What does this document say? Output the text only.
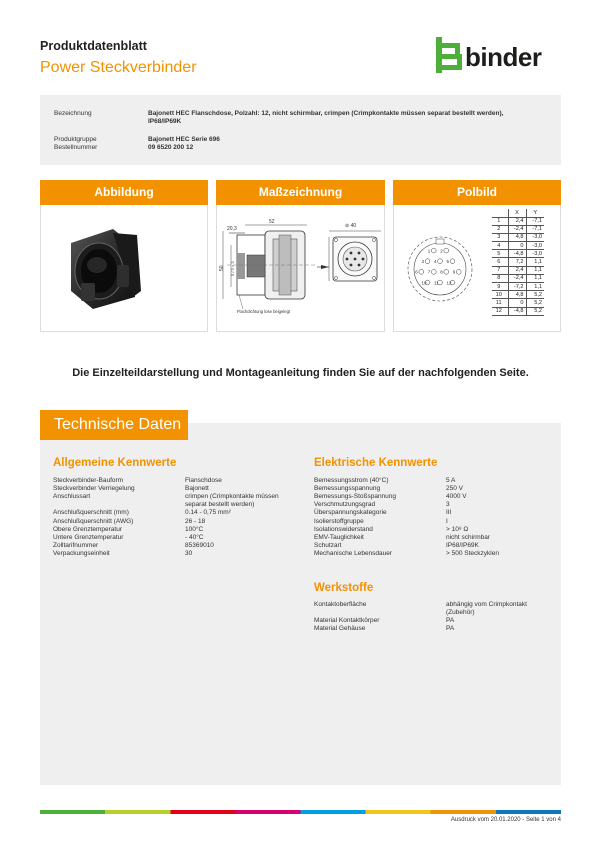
Produktdatenblatt
Power Steckverbinder	binder
Bezeichnung	Bajonett HEC Flanschdose, Polzahl: 12, nicht schirmbar, crimpen (Crimpkontakte müssen separat bestellt werden),
IP68/IP69K
Produktgruppe	Bajonett HEC Serie 696
Bestellnummer	09 6520 200 12
Abbildung	Maßzeichnung	Polbild
20,3
52
50 5 / 3 × 3
Flachdichtung lose beigelegt
⊘ 40
1 2
3 4 5
6 7 8 9
10 11 12
	X	Y
1	2,4	-7,1
2	-2,4	-7,1
3	4,8	-3,0
4	0	-3,0
5	-4,8	-3,0
6	7,2	1,1
7	2,4	1,1
8	-2,4	1,1
9	-7,2	1,1
10	4,8	5,2
11	0	5,2
12	-4,8	5,2
Die Einzelteildarstellung und Montageanleitung finden Sie auf der nachfolgenden Seite.
Technische Daten
Allgemeine Kennwerte
Steckverbinder-Bauform	Flanschdose
Steckverbinder Verriegelung	Bajonett
Anschlussart	crimpen (Crimpkontakte müssen
separat bestellt werden)
Anschlußquerschnitt (mm)	0.14 - 0,75 mm²
Anschlußquerschnitt (AWG)	26 - 18
Obere Grenztemperatur	100°C
Untere Grenztemperatur	- 40°C
Zolltarifnummer	85369010
Verpackungseinheit	30
Elektrische Kennwerte
Bemessungsstrom (40°C)	5 A
Bemessungsspannung	250 V
Bemessungs-Stoßspannung	4000 V
Verschmutzungsgrad	3
Überspannungskategorie	III
Isolierstoffgruppe	I
Isolationswiderstand	> 10⁸ Ω
EMV-Tauglichkeit	nicht schirmbar
Schutzart	IP68/IP69K
Mechanische Lebensdauer	> 500 Steckzyklen
Werkstoffe
Kontaktoberfläche	abhängig vom Crimpkontakt
(Zubehör)
Material Kontaktkörper	PA
Material Gehäuse	PA
Ausdruck vom 20.01.2020 - Seite 1 von 4
